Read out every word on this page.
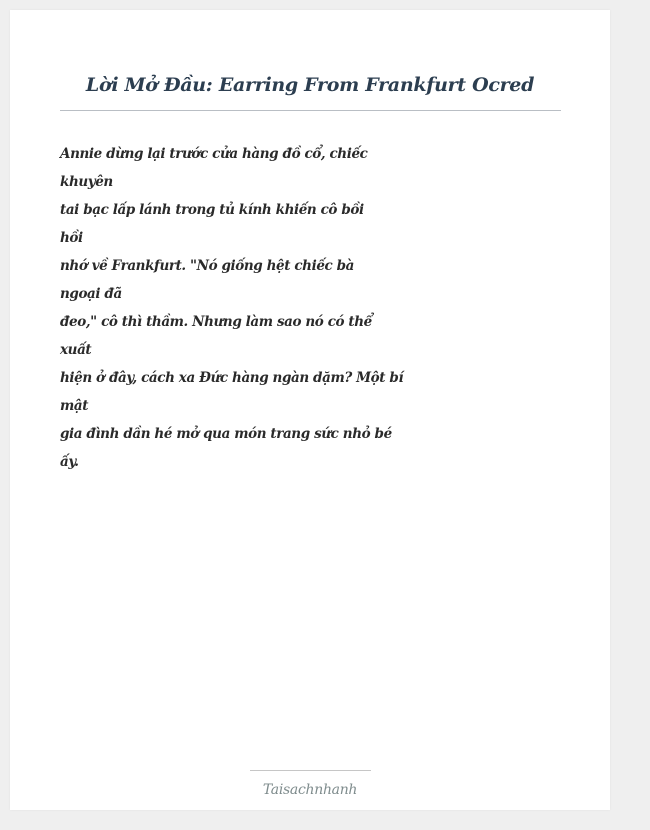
Lời Mở Đầu: Earring From Frankfurt Ocred
Annie dừng lại trước cửa hàng đồ cổ, chiếc
khuyên
tai bạc lấp lánh trong tủ kính khiến cô bồi
hồi
nhớ về Frankfurt. "Nó giống hệt chiếc bà
ngoại đã
đeo," cô thì thầm. Nhưng làm sao nó có thể
xuất
hiện ở đây, cách xa Đức hàng ngàn dặm? Một bí
mật
gia đình dần hé mở qua món trang sức nhỏ bé
ấy.
Taisachnhanh
